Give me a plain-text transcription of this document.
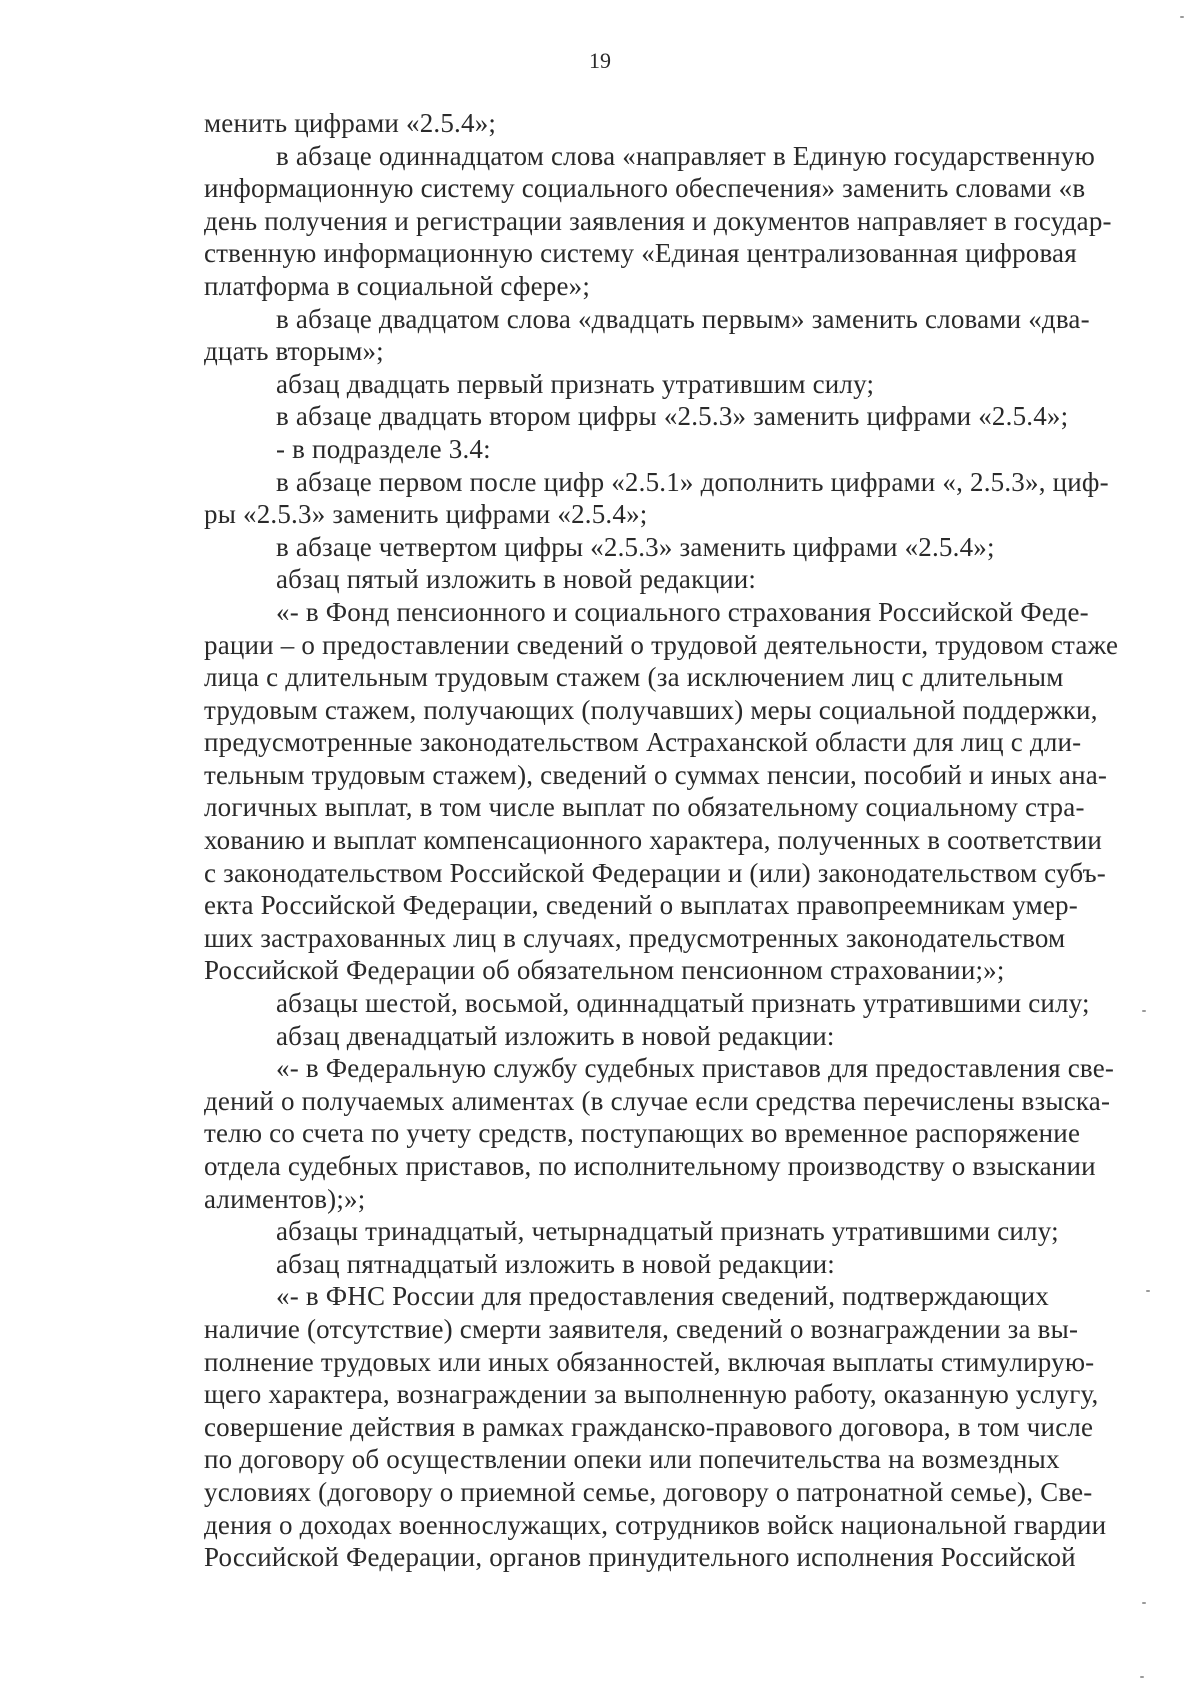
19
менить цифрами «2.5.4»;
в абзаце одиннадцатом слова «направляет в Единую государственную
информационную систему социального обеспечения» заменить словами «в
день получения и регистрации заявления и документов направляет в государ-
ственную информационную систему «Единая централизованная цифровая
платформа в социальной сфере»;
в абзаце двадцатом слова «двадцать первым» заменить словами «два-
дцать вторым»;
абзац двадцать первый признать утратившим силу;
в абзаце двадцать втором цифры «2.5.3» заменить цифрами «2.5.4»;
- в подразделе 3.4:
в абзаце первом после цифр «2.5.1» дополнить цифрами «, 2.5.3», циф-
ры «2.5.3» заменить цифрами «2.5.4»;
в абзаце четвертом цифры «2.5.3» заменить цифрами «2.5.4»;
абзац пятый изложить в новой редакции:
«- в Фонд пенсионного и социального страхования Российской Феде-
рации – о предоставлении сведений о трудовой деятельности, трудовом стаже
лица с длительным трудовым стажем (за исключением лиц с длительным
трудовым стажем, получающих (получавших) меры социальной поддержки,
предусмотренные законодательством Астраханской области для лиц с дли-
тельным трудовым стажем), сведений о суммах пенсии, пособий и иных ана-
логичных выплат, в том числе выплат по обязательному социальному стра-
хованию и выплат компенсационного характера, полученных в соответствии
с законодательством Российской Федерации и (или) законодательством субъ-
екта Российской Федерации, сведений о выплатах правопреемникам умер-
ших застрахованных лиц в случаях, предусмотренных законодательством
Российской Федерации об обязательном пенсионном страховании;»;
абзацы шестой, восьмой, одиннадцатый признать утратившими силу;
абзац двенадцатый изложить в новой редакции:
«- в Федеральную службу судебных приставов для предоставления све-
дений о получаемых алиментах (в случае если средства перечислены взыска-
телю со счета по учету средств, поступающих во временное распоряжение
отдела судебных приставов, по исполнительному производству о взыскании
алиментов);»;
абзацы тринадцатый, четырнадцатый признать утратившими силу;
абзац пятнадцатый изложить в новой редакции:
«- в ФНС России для предоставления сведений, подтверждающих
наличие (отсутствие) смерти заявителя, сведений о вознаграждении за вы-
полнение трудовых или иных обязанностей, включая выплаты стимулирую-
щего характера, вознаграждении за выполненную работу, оказанную услугу,
совершение действия в рамках гражданско-правового договора, в том числе
по договору об осуществлении опеки или попечительства на возмездных
условиях (договору о приемной семье, договору о патронатной семье), Све-
дения о доходах военнослужащих, сотрудников войск национальной гвардии
Российской Федерации, органов принудительного исполнения Российской
